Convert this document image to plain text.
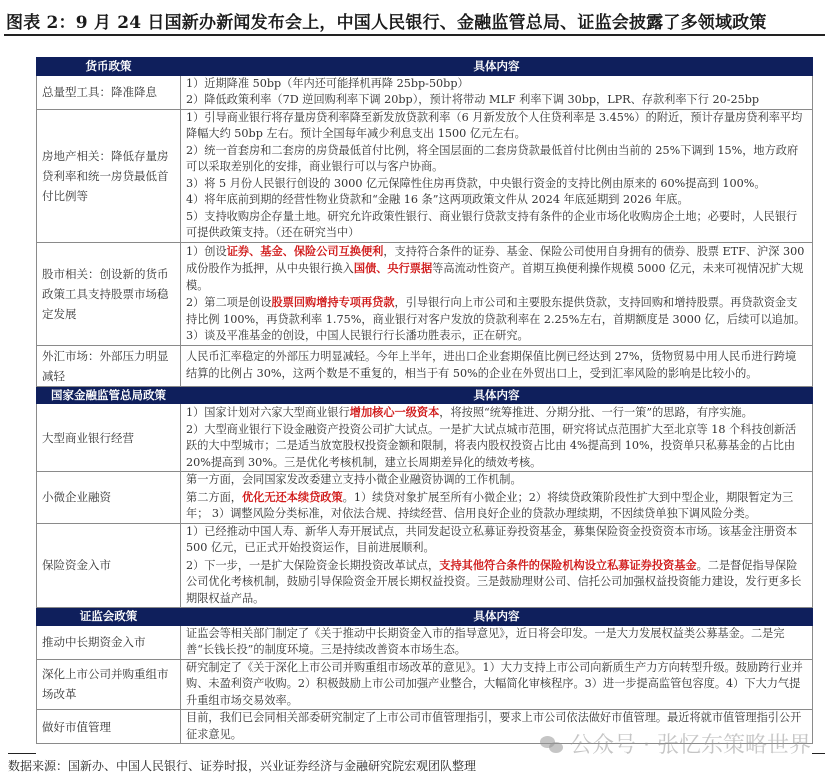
图表 2：9 月 24 日国新办新闻发布会上，中国人民银行、金融监管总局、证监会披露了多领域政策
货币政策	具体内容
总量型工具：降准降息	1）近期降准 50bp（年内还可能择机再降 25bp-50bp）
2）降低政策利率（7D 逆回购利率下调 20bp），预计将带动 MLF 利率下调 30bp，LPR、存款利率下行 20-25bp

房地产相关：降低存量房贷利率和统一房贷最低首付比例等	1）引导商业银行将存量房贷利率降至新发放贷款利率（6 月新发放个人住贷利率是 3.45%）的附近，预计存量房贷利率平均降幅大约 50bp 左右。预计全国每年减少利息支出 1500 亿元左右。
2）统一首套房和二套房的房贷最低首付比例，将全国层面的二套房贷款最低首付比例由当前的 25%下调到 15%，地方政府可以采取差别化的安排，商业银行可以与客户协商。
3）将 5 月份人民银行创设的 3000 亿元保障性住房再贷款，中央银行资金的支持比例由原来的 60%提高到 100%。
4）将年底前到期的经营性物业贷款和“金融 16 条”这两项政策文件从 2024 年底延期到 2026 年底。
5）支持收购房企存量土地。研究允许政策性银行、商业银行贷款支持有条件的企业市场化收购房企土地；必要时，人民银行可提供政策支持。（还在研究当中）

股市相关：创设新的货币政策工具支持股票市场稳定发展	1）创设证券、基金、保险公司互换便利，支持符合条件的证券、基金、保险公司使用自身拥有的债券、股票 ETF、沪深 300 成份股作为抵押，从中央银行换入国债、央行票据等高流动性资产。首期互换便利操作规模 5000 亿元，未来可视情况扩大规模。
2）第二项是创设股票回购增持专项再贷款，引导银行向上市公司和主要股东提供贷款，支持回购和增持股票。再贷款资金支持比例 100%，再贷款利率 1.75%，商业银行对客户发放的贷款利率在 2.25%左右，首期额度是 3000 亿，后续可以追加。
3）谈及平准基金的创设，中国人民银行行长潘功胜表示，正在研究。

外汇市场：外部压力明显减轻	人民币汇率稳定的外部压力明显减轻。今年上半年，进出口企业套期保值比例已经达到 27%，货物贸易中用人民币进行跨境结算的比例占 30%，这两个数是不重复的，相当于有 50%的企业在外贸出口上，受到汇率风险的影响是比较小的。

国家金融监管总局政策	具体内容
大型商业银行经营	1）国家计划对六家大型商业银行增加核心一级资本，将按照“统筹推进、分期分批、一行一策”的思路，有序实施。
2）大型商业银行下设金融资产投资公司扩大试点。一是扩大试点城市范围，研究将试点范围扩大至北京等 18 个科技创新活跃的大中型城市；二是适当放宽股权投资金额和限制，将表内股权投资占比由 4%提高到 10%，投资单只私募基金的占比由 20%提高到 30%。三是优化考核机制，建立长周期差异化的绩效考核。

小微企业融资	第一方面，会同国家发改委建立支持小微企业融资协调的工作机制。
第二方面，优化无还本续贷政策。1）续贷对象扩展至所有小微企业；2）将续贷政策阶段性扩大到中型企业，期限暂定为三年； 3）调整风险分类标准，对依法合规、持续经营、信用良好企业的贷款办理续期，不因续贷单独下调风险分类。

保险资金入市	1）已经推动中国人寿、新华人寿开展试点，共同发起设立私募证券投资基金，募集保险资金投资资本市场。该基金注册资本 500 亿元，已正式开始投资运作，目前进展顺利。
2）下一步，一是扩大保险资金长期投资改革试点，支持其他符合条件的保险机构设立私募证券投资基金。二是督促指导保险公司优化考核机制，鼓励引导保险资金开展长期权益投资。三是鼓励理财公司、信托公司加强权益投资能力建设，发行更多长期限权益产品。

证监会政策	具体内容
推动中长期资金入市	证监会等相关部门制定了《关于推动中长期资金入市的指导意见》，近日将会印发。一是大力发展权益类公募基金。二是完善“长钱长投”的制度环境。三是持续改善资本市场生态。

深化上市公司并购重组市场改革	研究制定了《关于深化上市公司并购重组市场改革的意见》。1）大力支持上市公司向新质生产力方向转型升级。鼓励跨行业并购、未盈利资产收购。2）积极鼓励上市公司加强产业整合，大幅简化审核程序。3）进一步提高监管包容度。4）下大力气提升重组市场交易效率。

做好市值管理	目前，我们已会同相关部委研究制定了上市公司市值管理指引，要求上市公司依法做好市值管理。最近将就市值管理指引公开征求意见。
数据来源：国新办、中国人民银行、证券时报，兴业证券经济与金融研究院宏观团队整理
公众号 · 张忆东策略世界
